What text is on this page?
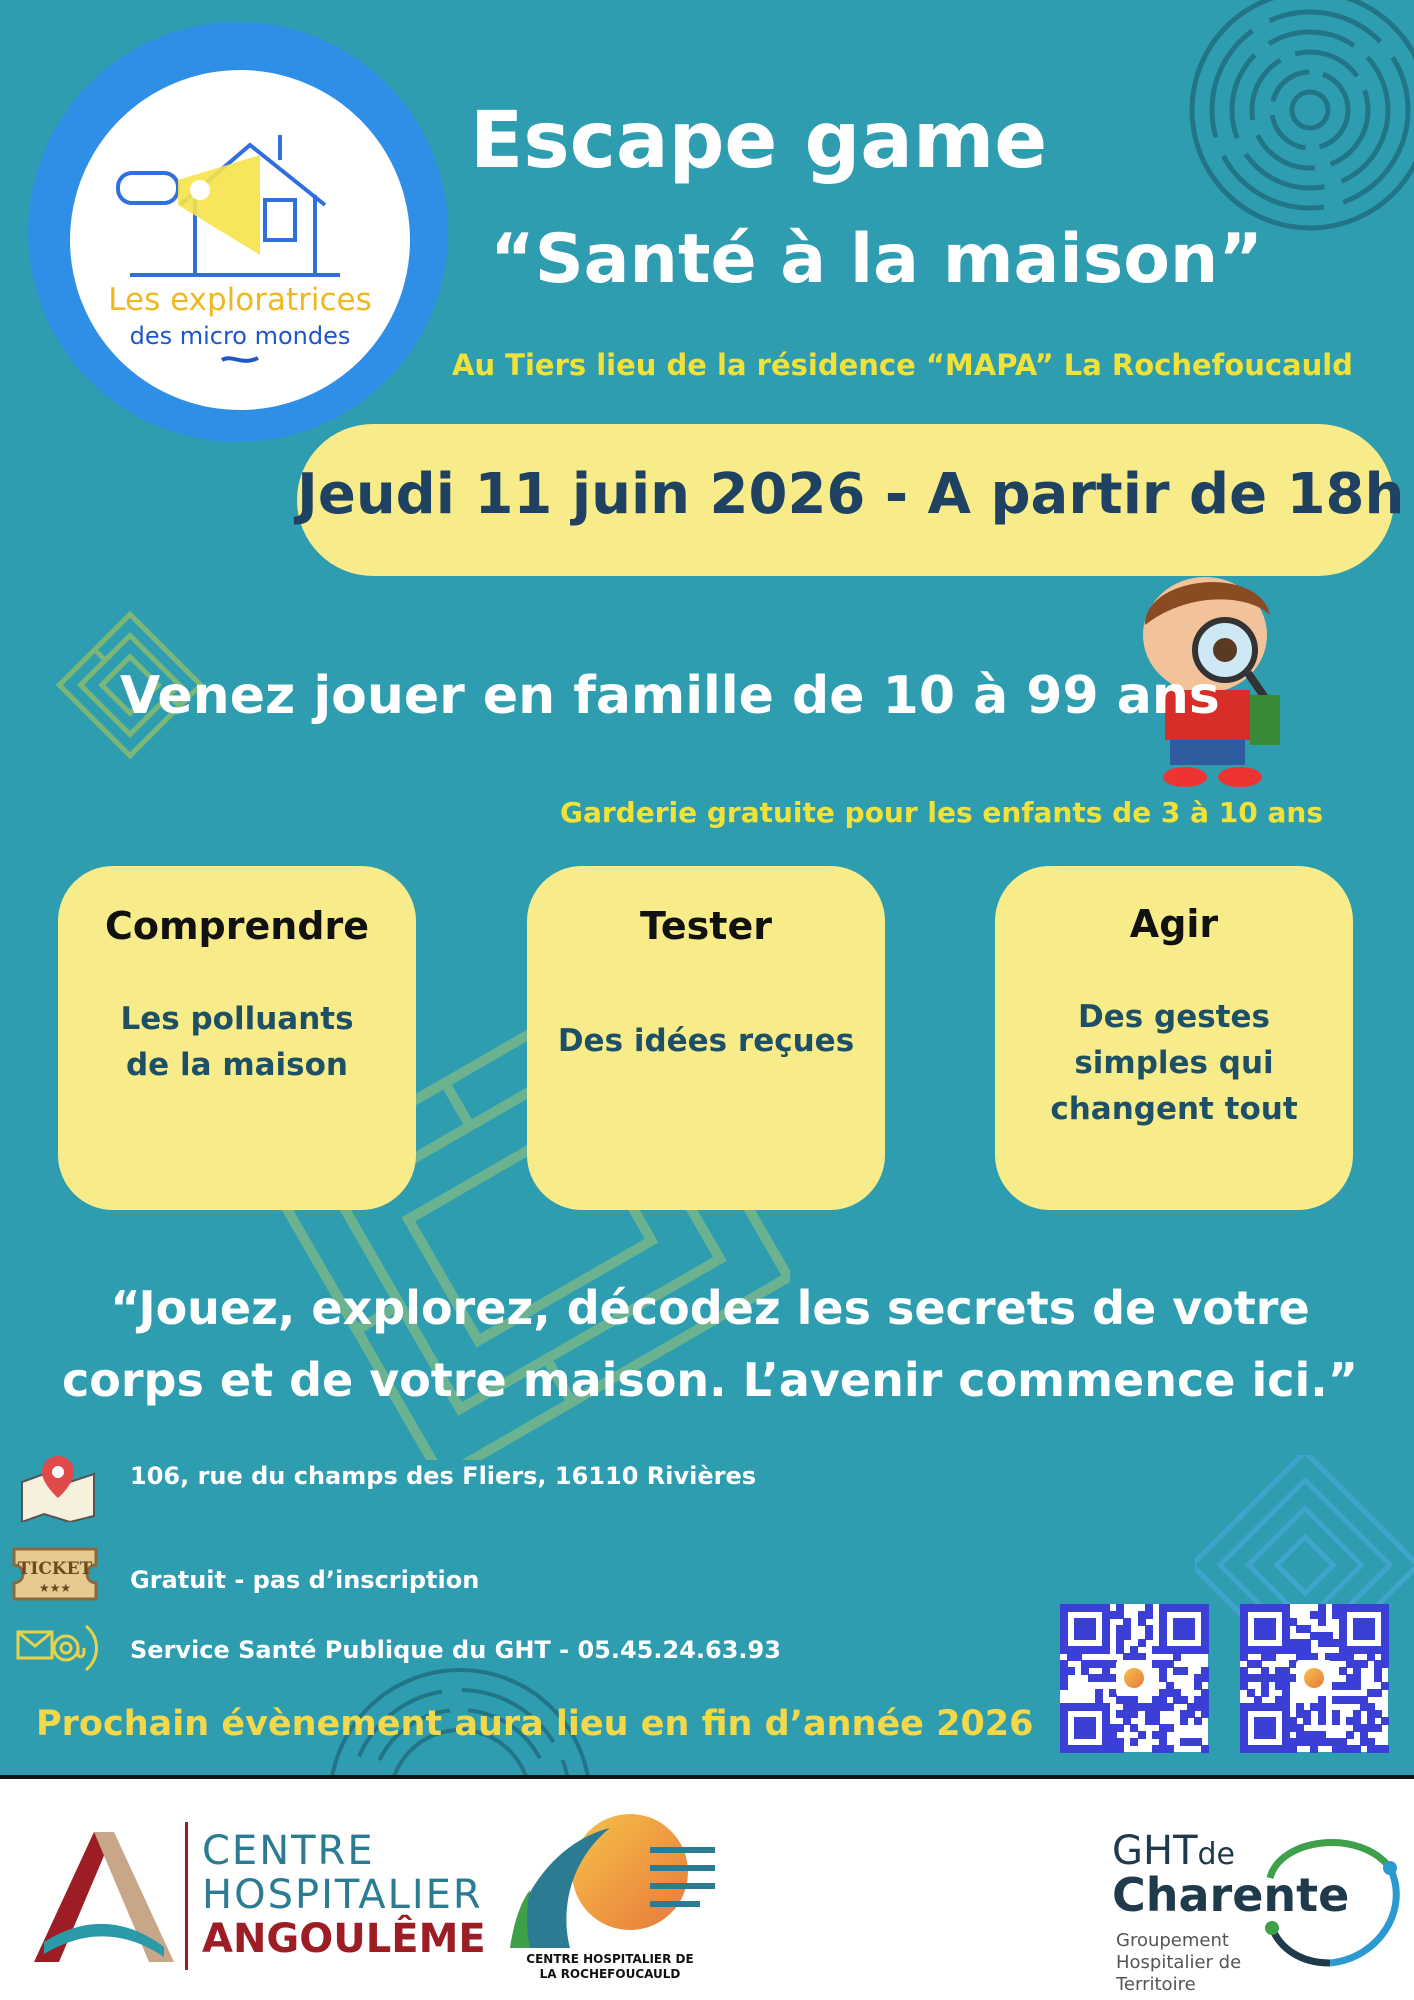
Les exploratrices
des micro mondes
Escape game
“Santé à la maison”
Au Tiers lieu de la résidence “MAPA” La Rochefoucauld
Jeudi 11 juin 2026 - A partir de 18h
Venez jouer en famille de 10 à 99 ans
Garderie gratuite pour les enfants de 3 à 10 ans
Comprendre
Les polluants
de la maison
Tester
Des idées reçues
Agir
Des gestes
simples qui
changent tout
“Jouez, explorez, décodez les secrets de votre
corps et de votre maison. L’avenir commence ici.”
106, rue du champs des Fliers, 16110 Rivières
TICKET
★★★ Gratuit - pas d’inscription
Service Santé Publique du GHT - 05.45.24.63.93
Prochain évènement aura lieu en fin d’année 2026
CENTRE
HOSPITALIER
ANGOULÊME	CENTRE HOSPITALIER DE
LA ROCHEFOUCAULD
GHTde
Charente
Groupement
Hospitalier de
Territoire
